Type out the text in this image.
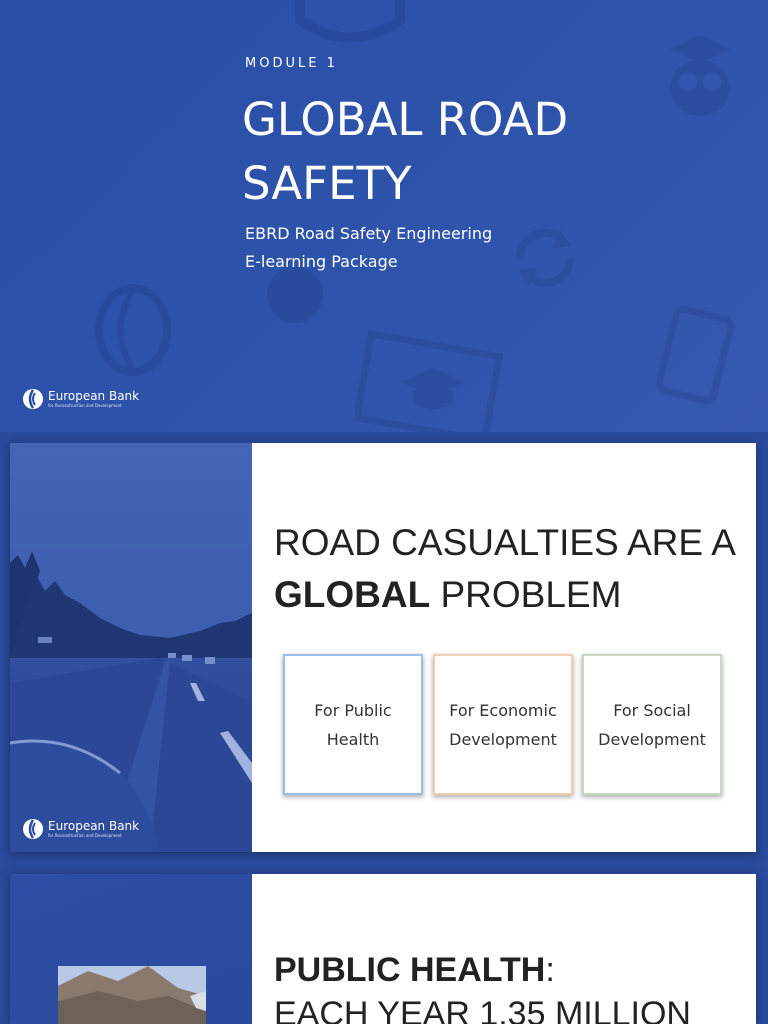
MODULE 1
GLOBAL ROAD
SAFETY
EBRD Road Safety Engineering
E-learning Package
European Bank
for Reconstruction and Development
European Bank
for Reconstruction and Development
ROAD CASUALTIES ARE A
GLOBAL PROBLEM
For Public Health
For Economic Development
For Social Development
PUBLIC HEALTH:
EACH YEAR 1.35 MILLION
